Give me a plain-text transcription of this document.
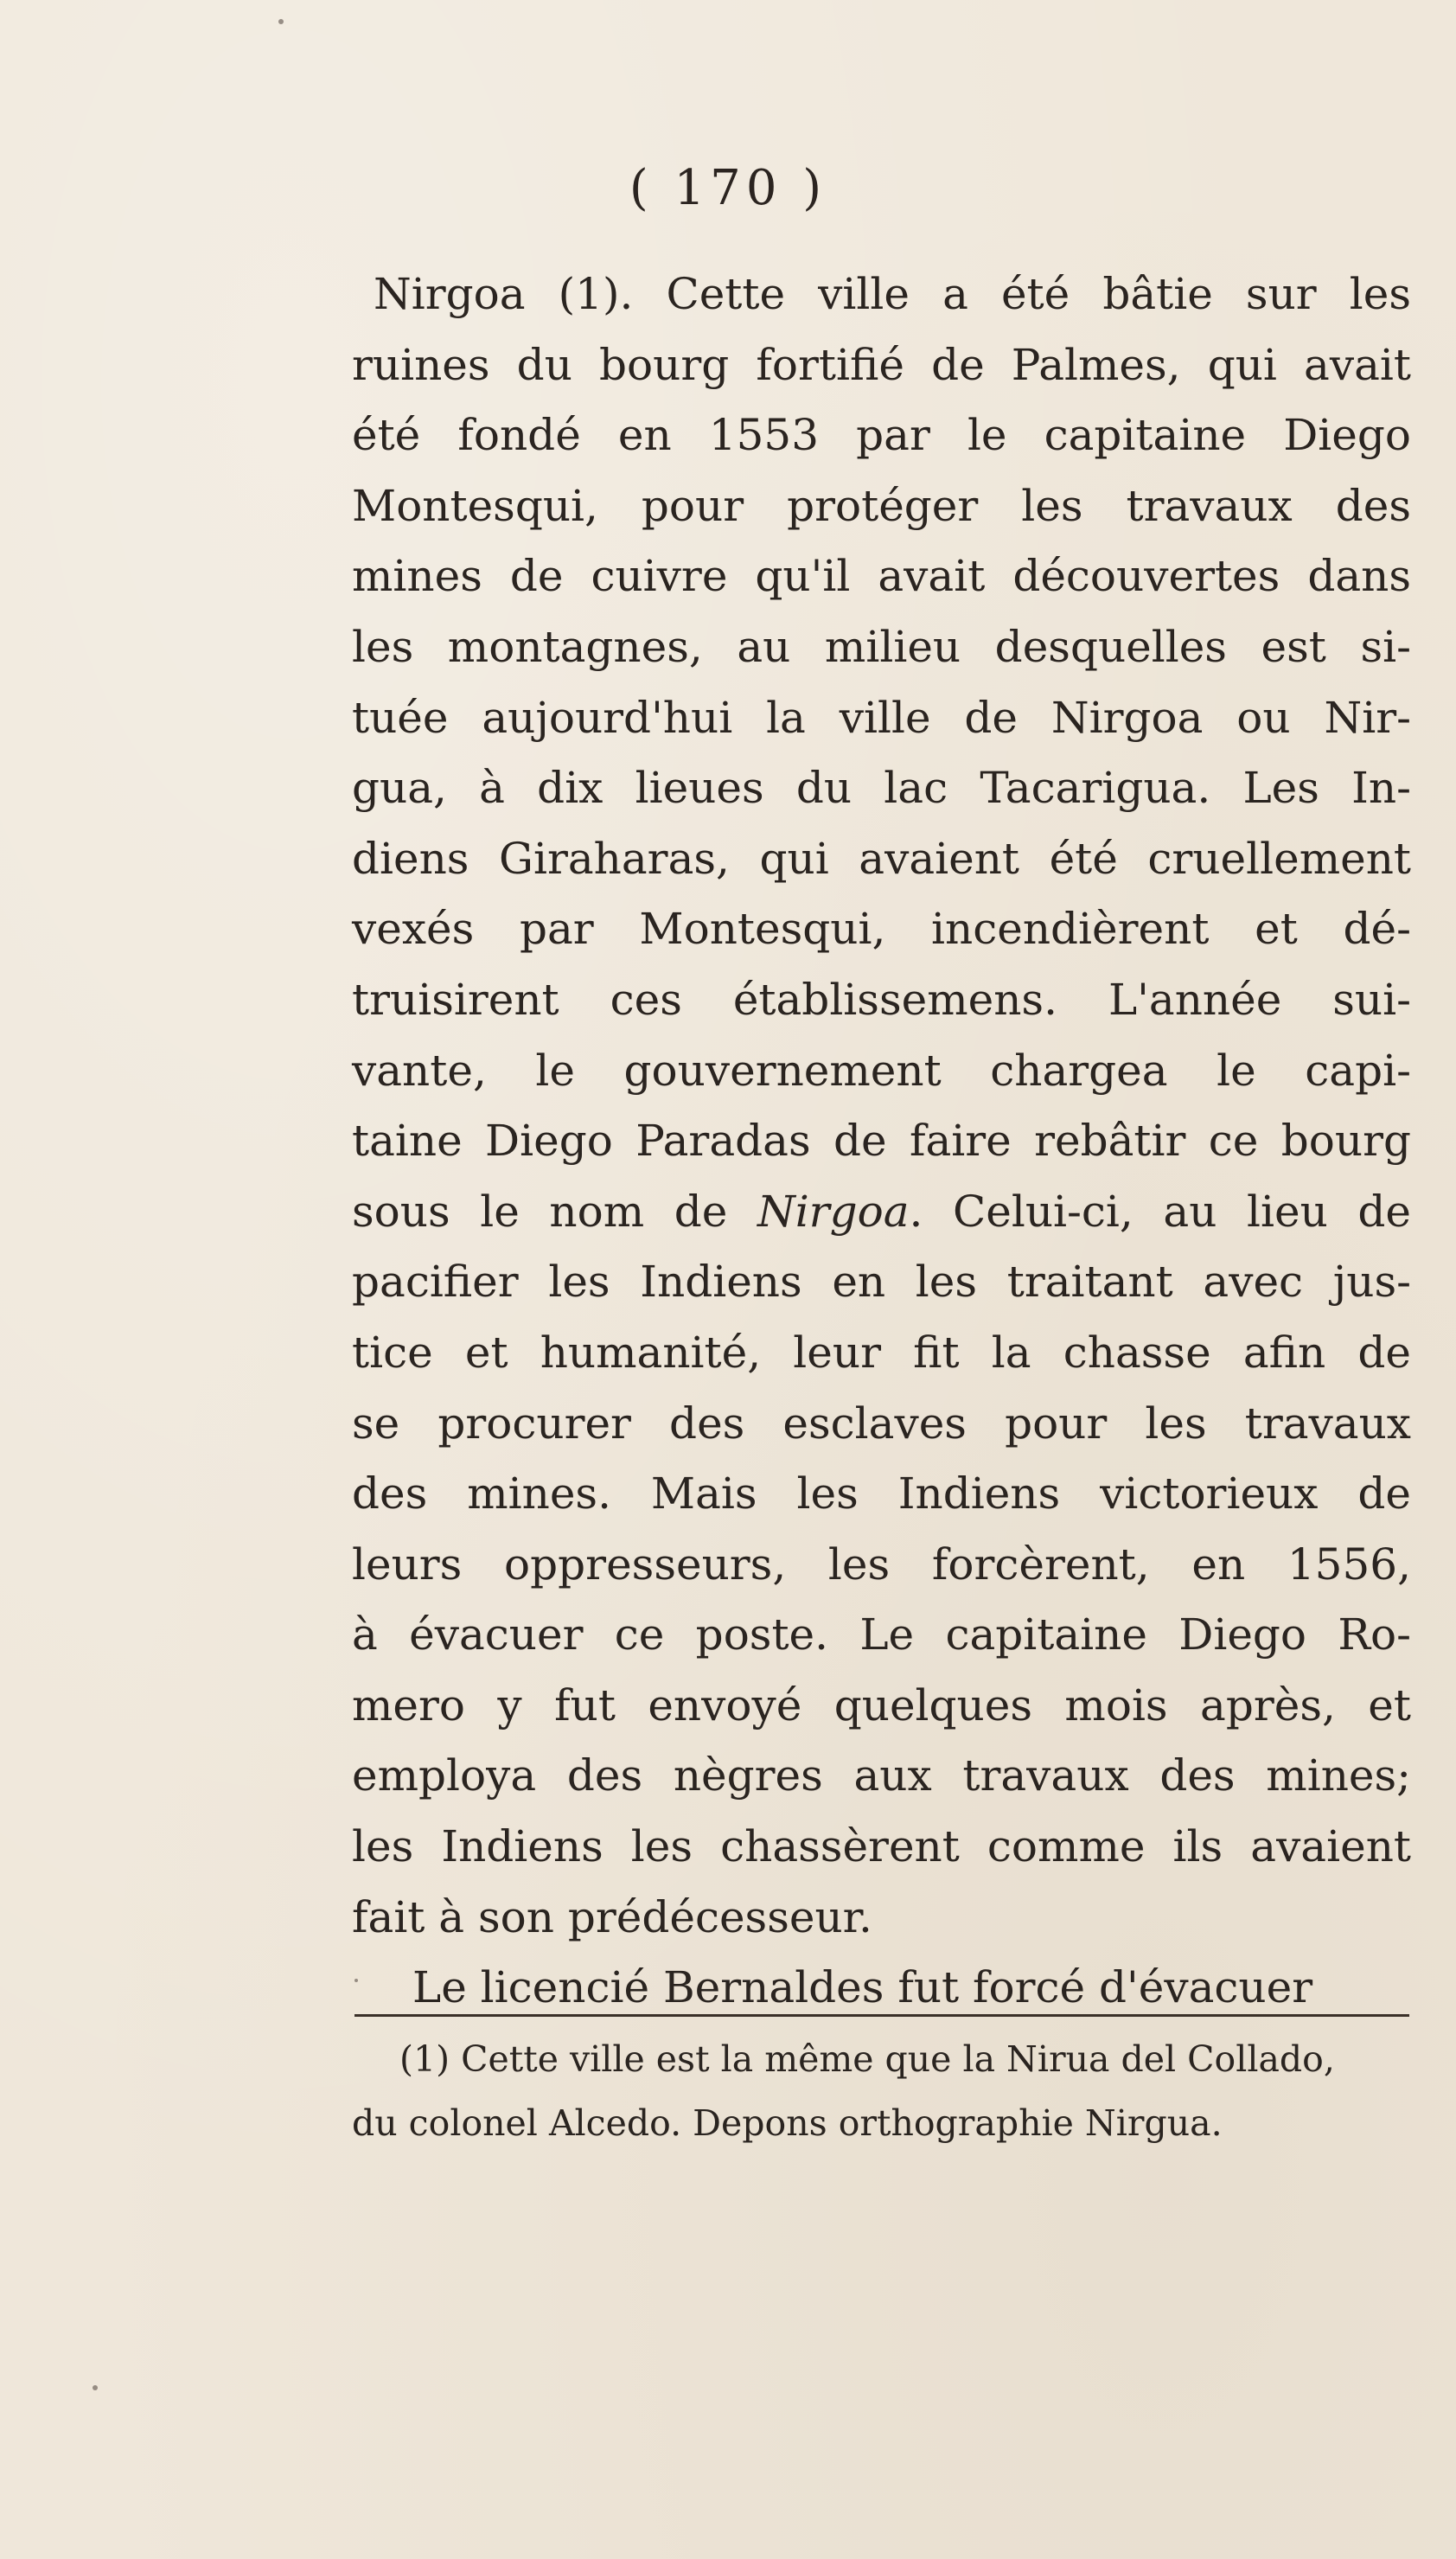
( 170 )
Nirgoa (1). Cette ville a été bâtie sur les
ruines du bourg fortifié de Palmes, qui avait
été fondé en 1553 par le capitaine Diego
Montesqui, pour protéger les travaux des
mines de cuivre qu'il avait découvertes dans
les montagnes, au milieu desquelles est si-
tuée aujourd'hui la ville de Nirgoa ou Nir-
gua, à dix lieues du lac Tacarigua. Les In-
diens Giraharas, qui avaient été cruellement
vexés par Montesqui, incendièrent et dé-
truisirent ces établissemens. L'année sui-
vante, le gouvernement chargea le capi-
taine Diego Paradas de faire rebâtir ce bourg
sous le nom de Nirgoa. Celui-ci, au lieu de
pacifier les Indiens en les traitant avec jus-
tice et humanité, leur fit la chasse afin de
se procurer des esclaves pour les travaux
des mines. Mais les Indiens victorieux de
leurs oppresseurs, les forcèrent, en 1556,
à évacuer ce poste. Le capitaine Diego Ro-
mero y fut envoyé quelques mois après, et
employa des nègres aux travaux des mines;
les Indiens les chassèrent comme ils avaient
fait à son prédécesseur.
Le licencié Bernaldes fut forcé d'évacuer
(1) Cette ville est la même que la Nirua del Collado,
du colonel Alcedo. Depons orthographie Nirgua.
